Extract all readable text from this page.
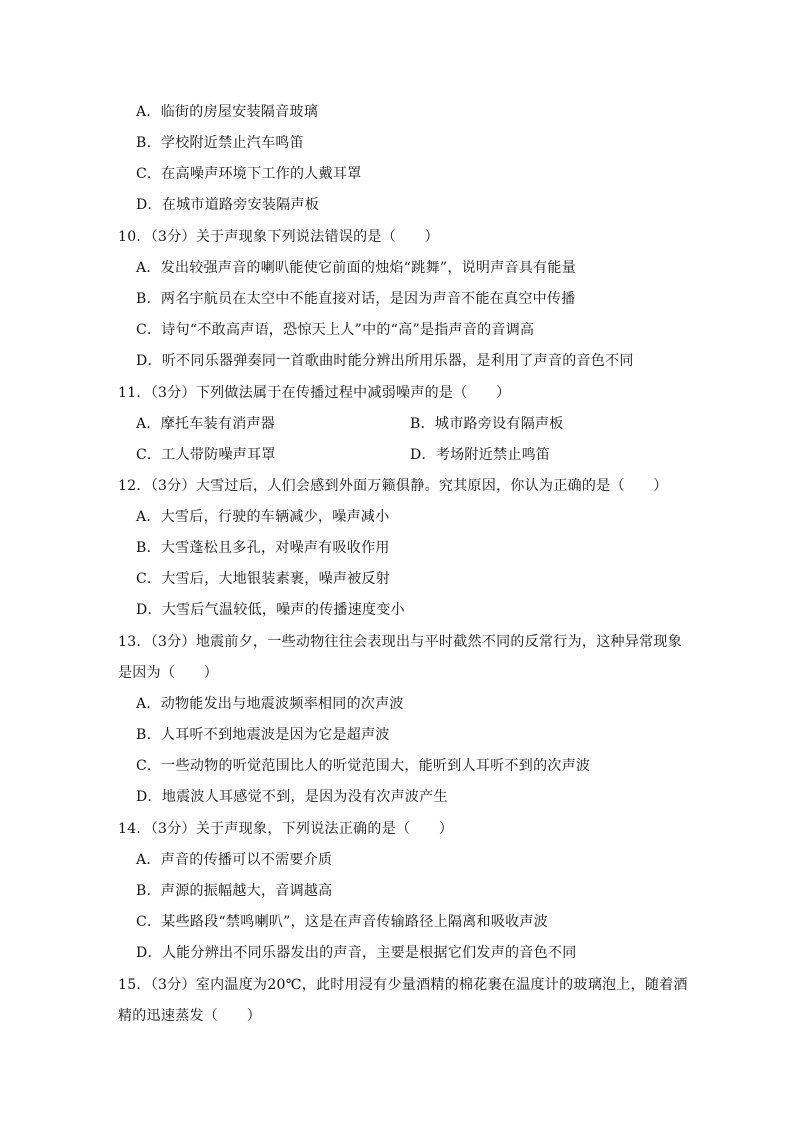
A．临街的房屋安装隔音玻璃
B．学校附近禁止汽车鸣笛
C．在高噪声环境下工作的人戴耳罩
D．在城市道路旁安装隔声板
10．（3分）关于声现象下列说法错误的是（　　）
A．发出较强声音的喇叭能使它前面的烛焰“跳舞”，说明声音具有能量
B．两名宇航员在太空中不能直接对话，是因为声音不能在真空中传播
C．诗句“不敢高声语，恐惊天上人”中的“高”是指声音的音调高
D．听不同乐器弹奏同一首歌曲时能分辨出所用乐器，是利用了声音的音色不同
11．（3分）下列做法属于在传播过程中减弱噪声的是（　　）
A．摩托车装有消声器	B．城市路旁设有隔声板
C．工人带防噪声耳罩	D．考场附近禁止鸣笛
12．（3分）大雪过后，人们会感到外面万籁俱静。究其原因，你认为正确的是（　　）
A．大雪后，行驶的车辆减少，噪声减小
B．大雪蓬松且多孔，对噪声有吸收作用
C．大雪后，大地银装素裹，噪声被反射
D．大雪后气温较低，噪声的传播速度变小
13．（3分）地震前夕，一些动物往往会表现出与平时截然不同的反常行为，这种异常现象
是因为（　　）
A．动物能发出与地震波频率相同的次声波
B．人耳听不到地震波是因为它是超声波
C．一些动物的听觉范围比人的听觉范围大，能听到人耳听不到的次声波
D．地震波人耳感觉不到，是因为没有次声波产生
14．（3分）关于声现象，下列说法正确的是（　　）
A．声音的传播可以不需要介质
B．声源的振幅越大，音调越高
C．某些路段“禁鸣喇叭”，这是在声音传输路径上隔离和吸收声波
D．人能分辨出不同乐器发出的声音，主要是根据它们发声的音色不同
15．（3分）室内温度为20℃，此时用浸有少量酒精的棉花裹在温度计的玻璃泡上，随着酒
精的迅速蒸发（　　）
